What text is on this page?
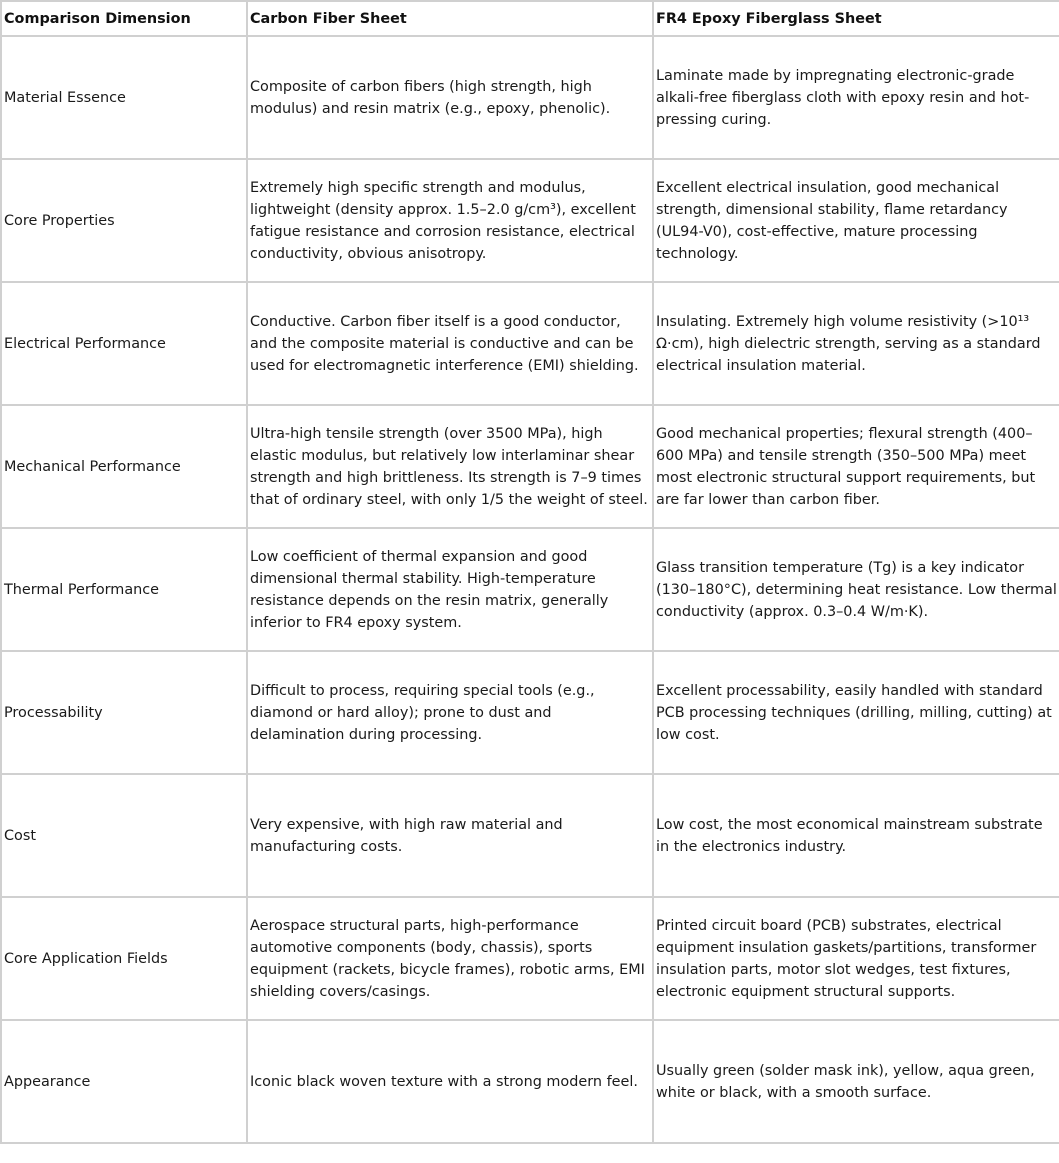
Comparison Dimension	Carbon Fiber Sheet	FR4 Epoxy Fiberglass Sheet
Material Essence	Composite of carbon fibers (high strength, high modulus) and resin matrix (e.g., epoxy, phenolic).	Laminate made by impregnating electronic-grade alkali-free fiberglass cloth with epoxy resin and hot-pressing curing.
Core Properties	Extremely high specific strength and modulus, lightweight (density approx. 1.5–2.0 g/cm³), excellent fatigue resistance and corrosion resistance, electrical conductivity, obvious anisotropy.	Excellent electrical insulation, good mechanical strength, dimensional stability, flame retardancy (UL94-V0), cost-effective, mature processing technology.
Electrical Performance	Conductive. Carbon fiber itself is a good conductor, and the composite material is conductive and can be used for electromagnetic interference (EMI) shielding.	Insulating. Extremely high volume resistivity (>10¹³ Ω·cm), high dielectric strength, serving as a standard electrical insulation material.
Mechanical Performance	Ultra-high tensile strength (over 3500 MPa), high elastic modulus, but relatively low interlaminar shear strength and high brittleness. Its strength is 7–9 times that of ordinary steel, with only 1/5 the weight of steel.	Good mechanical properties; flexural strength (400–600 MPa) and tensile strength (350–500 MPa) meet most electronic structural support requirements, but are far lower than carbon fiber.
Thermal Performance	Low coefficient of thermal expansion and good dimensional thermal stability. High-temperature resistance depends on the resin matrix, generally inferior to FR4 epoxy system.	Glass transition temperature (Tg) is a key indicator (130–180°C), determining heat resistance. Low thermal conductivity (approx. 0.3–0.4 W/m·K).
Processability	Difficult to process, requiring special tools (e.g., diamond or hard alloy); prone to dust and delamination during processing.	Excellent processability, easily handled with standard PCB processing techniques (drilling, milling, cutting) at low cost.
Cost	Very expensive, with high raw material and manufacturing costs.	Low cost, the most economical mainstream substrate in the electronics industry.
Core Application Fields	Aerospace structural parts, high-performance automotive components (body, chassis), sports equipment (rackets, bicycle frames), robotic arms, EMI shielding covers/casings.	Printed circuit board (PCB) substrates, electrical equipment insulation gaskets/partitions, transformer insulation parts, motor slot wedges, test fixtures, electronic equipment structural supports.
Appearance	Iconic black woven texture with a strong modern feel.	Usually green (solder mask ink), yellow, aqua green, white or black, with a smooth surface.
